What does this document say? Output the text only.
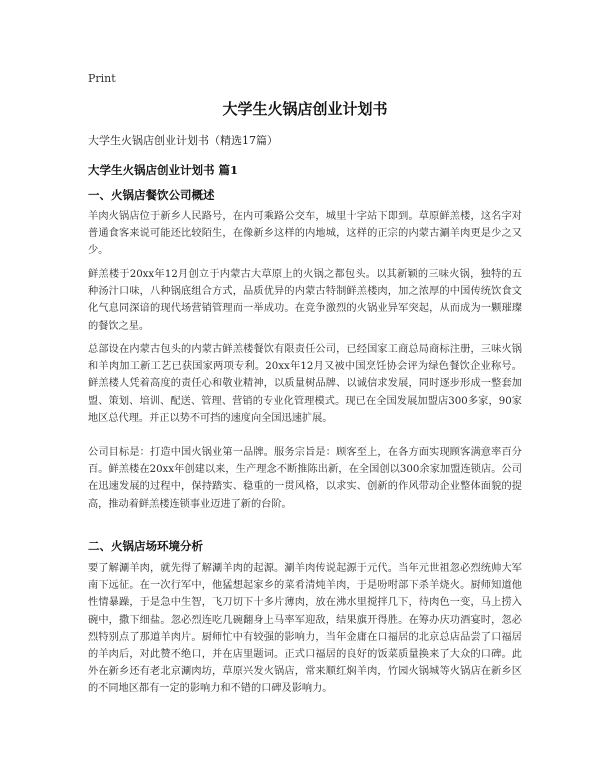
Print
大学生火锅店创业计划书
大学生火锅店创业计划书（精选17篇）
大学生火锅店创业计划书 篇1
一、火锅店餐饮公司概述
羊肉火锅店位于新乡人民路号，在内可乘路公交车，城里十字站下即到。草原鲜羔楼，这名字对普通食客来说可能还比较陌生，在像新乡这样的内地城，这样的正宗的内蒙古涮羊肉更是少之又少。
鲜羔楼于20xx年12月创立于内蒙古大草原上的火锅之都包头。以其新颖的三味火锅，独特的五种汤汁口味，八种锅底组合方式，品质优异的内蒙古特制鲜羔楼肉，加之浓厚的中国传统饮食文化气息同深谙的现代场营销管理而一举成功。在竞争激烈的火锅业异军突起，从而成为一颗璀璨的餐饮之星。
总部设在内蒙古包头的内蒙古鲜羔楼餐饮有限责任公司，已经国家工商总局商标注册，三味火锅和羊肉加工新工艺已获国家两项专利。20xx年12月又被中国烹饪协会评为绿色餐饮企业称号。鲜羔楼人凭着高度的责任心和敬业精神，以质量树品牌、以诚信求发展，同时逐步形成一整套加盟、策划、培训、配送、管理、营销的专业化管理模式。现已在全国发展加盟店300多家，90家地区总代理。并正以势不可挡的速度向全国迅速扩展。
公司目标是：打造中国火锅业第一品牌。服务宗旨是：顾客至上，在各方面实现顾客满意率百分百。鲜羔楼在20xx年创建以来，生产理念不断推陈出新，在全国创以300余家加盟连锁店。公司在迅速发展的过程中，保持踏实、稳重的一贯风格，以求实、创新的作风带动企业整体面貌的提高，推动着鲜羔楼连锁事业迈进了新的台阶。
二、火锅店场环境分析
要了解涮羊肉，就先得了解涮羊肉的起源。涮羊肉传说起源于元代。当年元世祖忽必烈统帅大军南下远征。在一次行军中，他猛想起家乡的菜肴清炖羊肉，于是吩咐部下杀羊烧火。厨师知道他性情暴躁，于是急中生智，飞刀切下十多片薄肉，放在沸水里搅拌几下，待肉色一变，马上捞入碗中，撒下细盐。忽必烈连吃几碗翻身上马率军迎敌，结果旗开得胜。在筹办庆功酒宴时，忽必烈特别点了那道羊肉片。厨师忙中有较强的影响力，当年金庸在口福居的北京总店品尝了口福居的羊肉后，对此赞不绝口，并在店里题词。正式口福居的良好的饭菜质量换来了大众的口碑。此外在新乡还有老北京涮肉坊，草原兴发火锅店，常来顺红焖羊肉，竹园火锅城等火锅店在新乡区的不同地区都有一定的影响力和不错的口碑及影响力。
